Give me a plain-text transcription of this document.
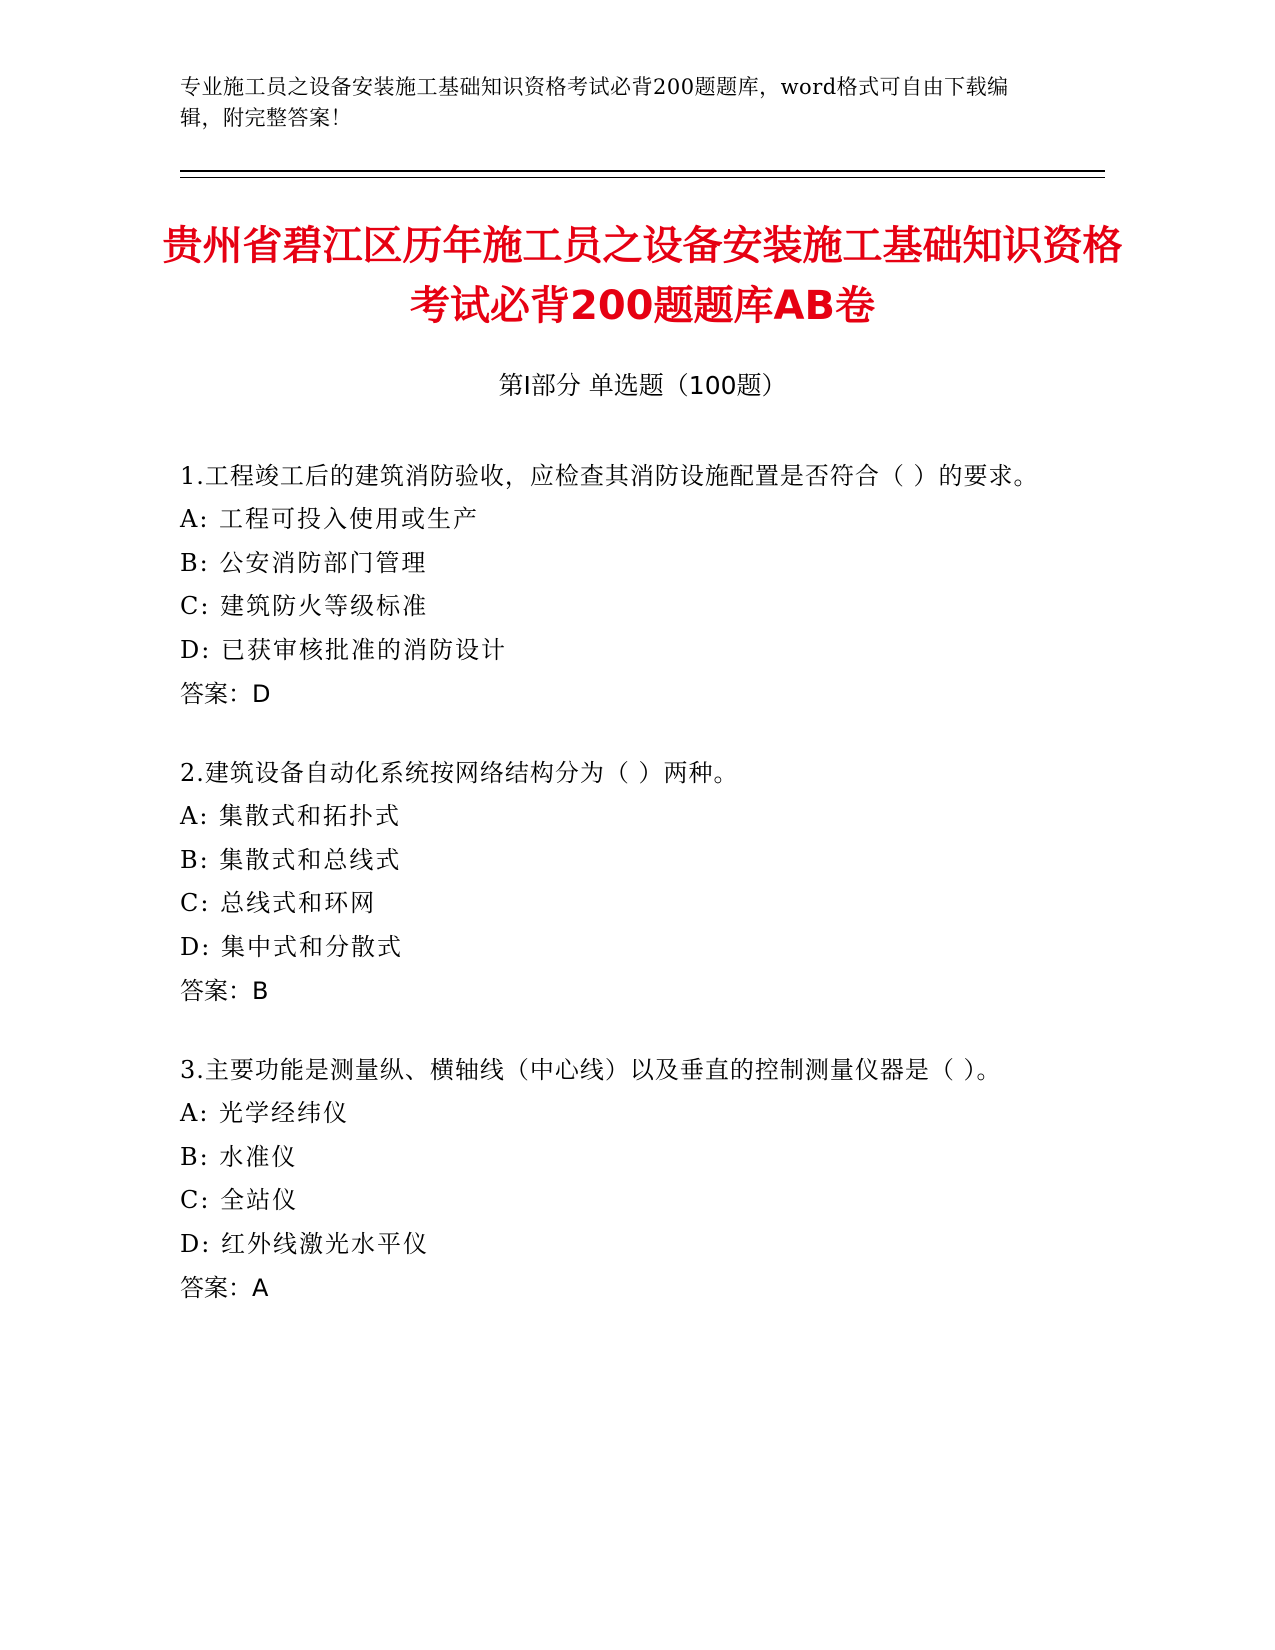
专业施工员之设备安装施工基础知识资格考试必背200题题库，word格式可自由下载编辑，附完整答案！
贵州省碧江区历年施工员之设备安装施工基础知识资格考试必背200题题库AB卷
第Ⅰ部分 单选题（100题）
1.工程竣工后的建筑消防验收，应检查其消防设施配置是否符合（ ）的要求。
A: 工程可投入使用或生产
B: 公安消防部门管理
C: 建筑防火等级标准
D: 已获审核批准的消防设计
答案：D
2.建筑设备自动化系统按网络结构分为（ ）两种。
A: 集散式和拓扑式
B: 集散式和总线式
C: 总线式和环网
D: 集中式和分散式
答案：B
3.主要功能是测量纵、横轴线（中心线）以及垂直的控制测量仪器是（ ）。
A: 光学经纬仪
B: 水准仪
C: 全站仪
D: 红外线激光水平仪
答案：A
